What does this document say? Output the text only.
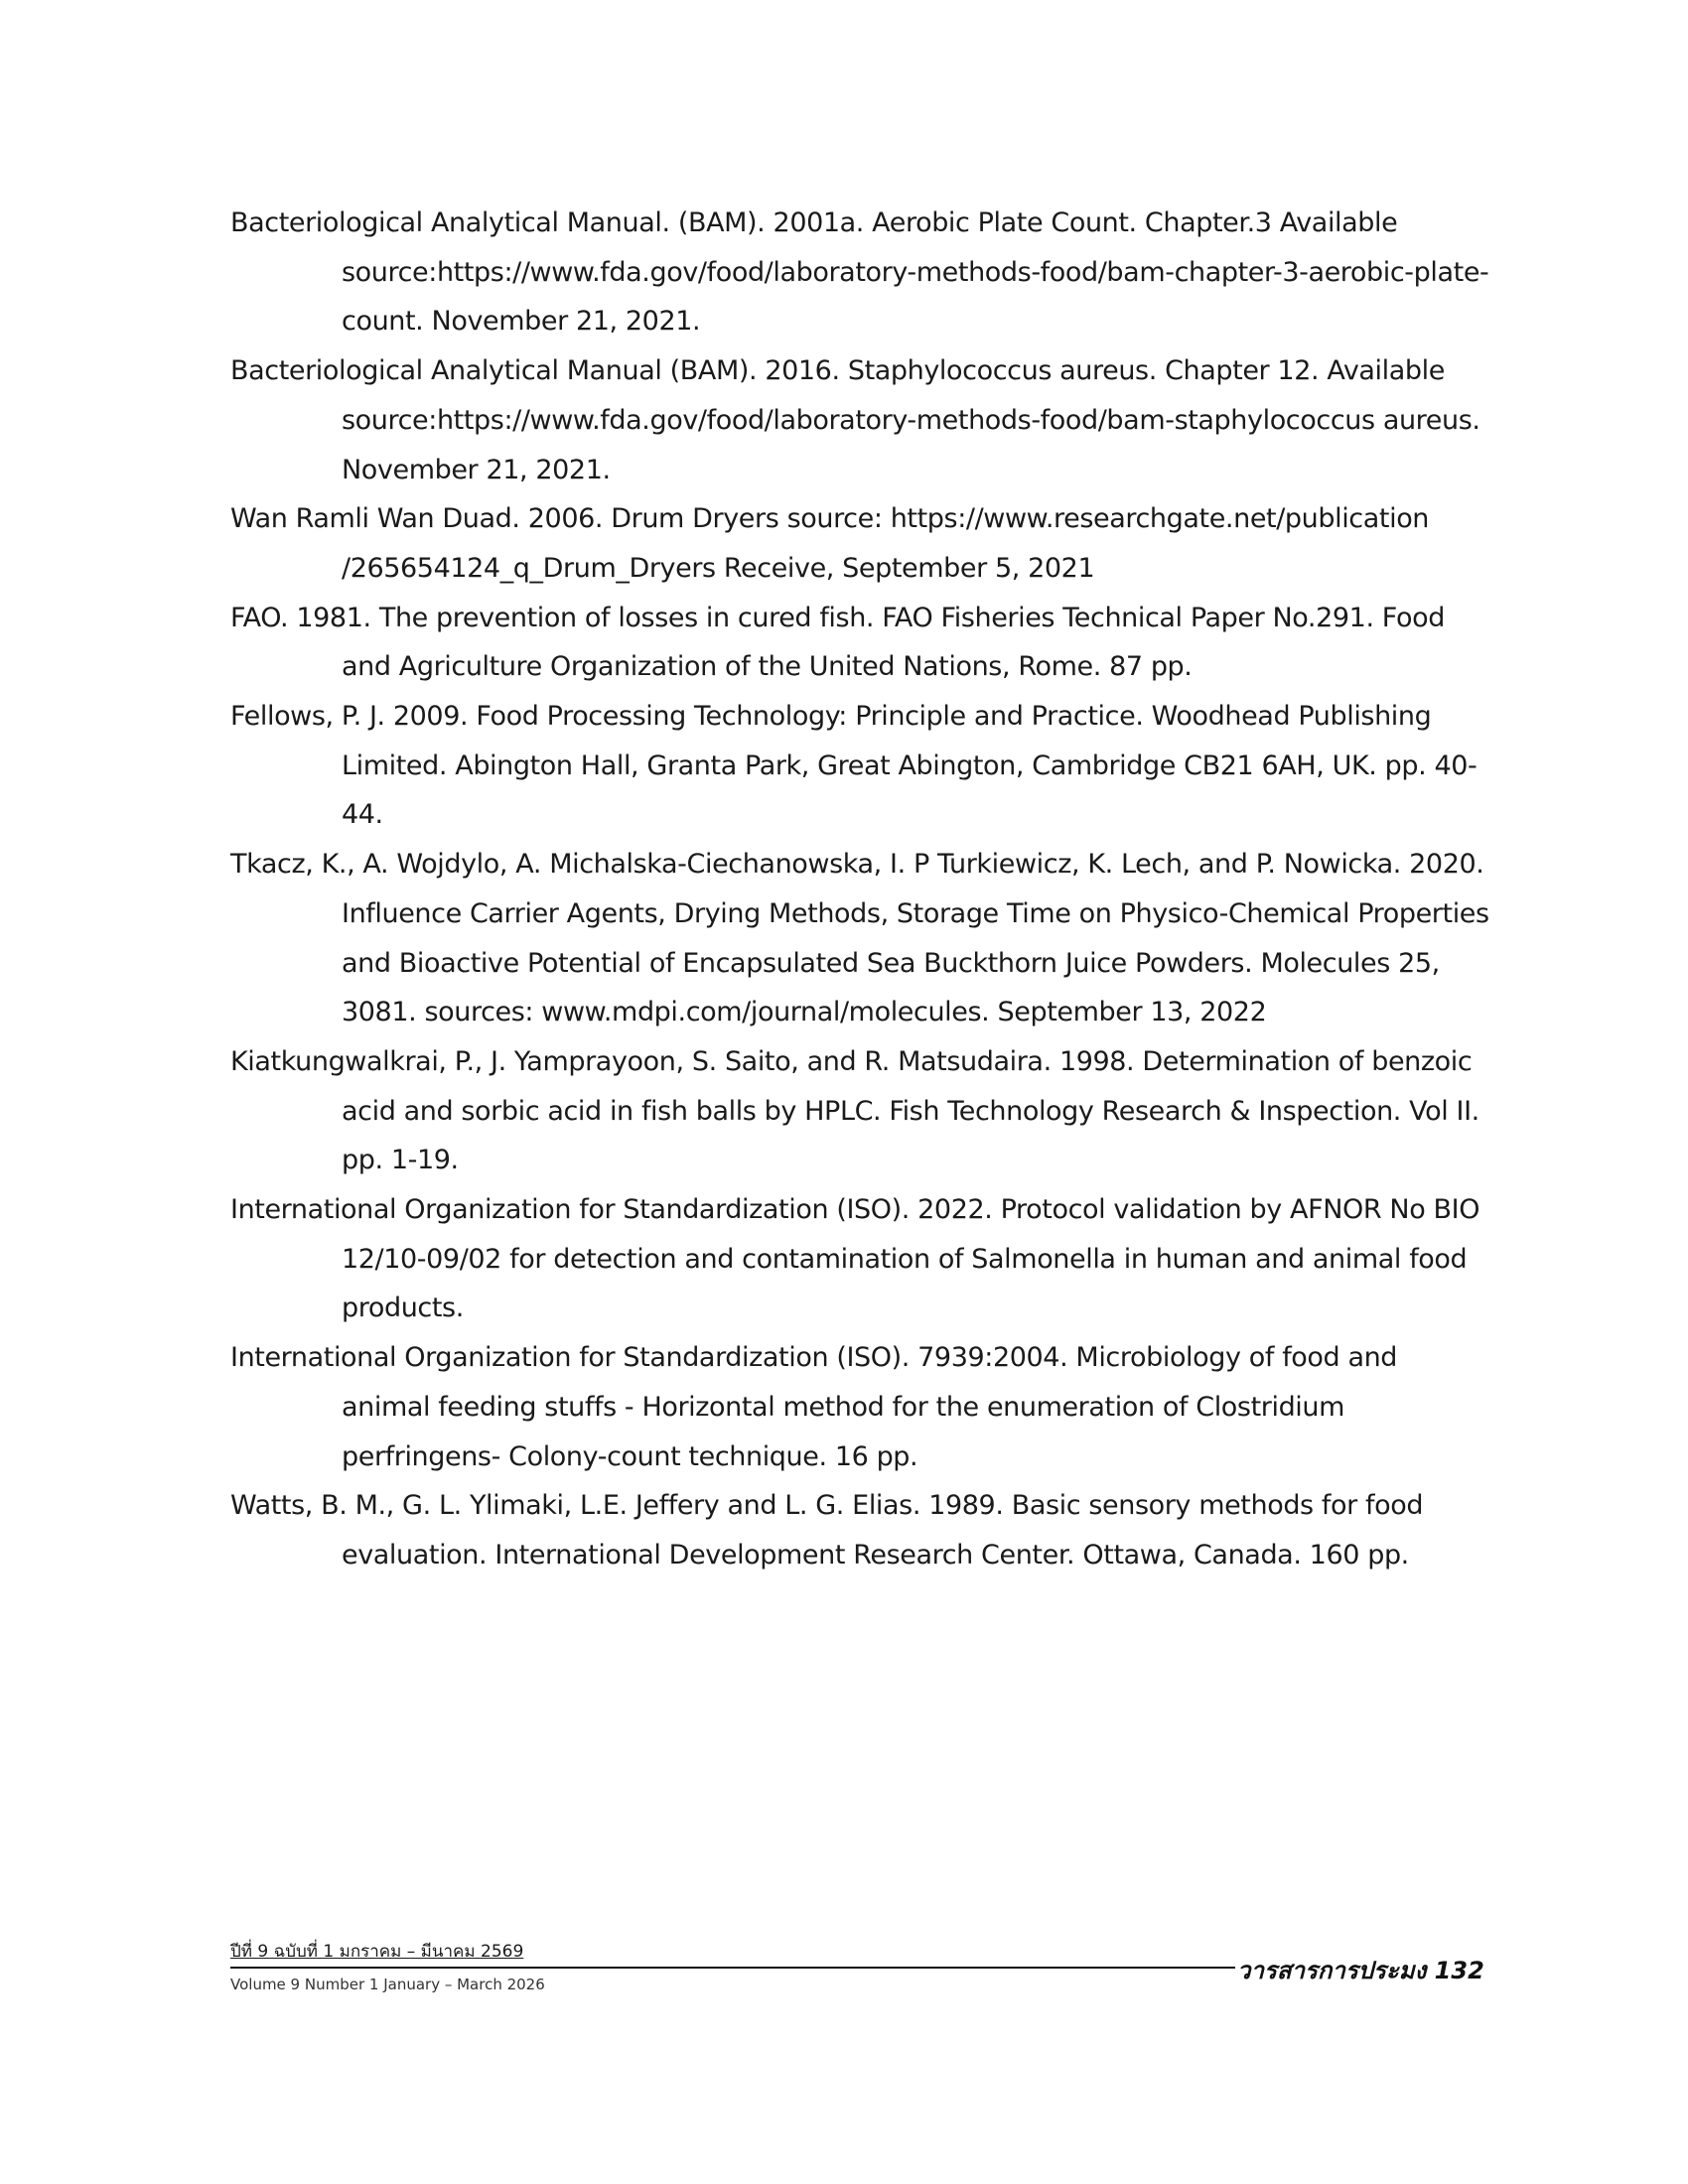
Bacteriological Analytical Manual. (BAM). 2001a. Aerobic Plate Count. Chapter.3 Available source:https://www.fda.gov/food/laboratory-methods-food/bam-chapter-3-aerobic-plate-count. November 21, 2021.

Bacteriological Analytical Manual (BAM). 2016. Staphylococcus aureus. Chapter 12. Available source:https://www.fda.gov/food/laboratory-methods-food/bam-staphylococcus aureus. November 21, 2021.

Wan Ramli Wan Duad. 2006. Drum Dryers source: https://www.researchgate.net/publication /265654124_q_Drum_Dryers Receive, September 5, 2021

FAO. 1981. The prevention of losses in cured fish. FAO Fisheries Technical Paper No.291. Food and Agriculture Organization of the United Nations, Rome. 87 pp.

Fellows, P. J. 2009. Food Processing Technology: Principle and Practice. Woodhead Publishing Limited. Abington Hall, Granta Park, Great Abington, Cambridge CB21 6AH, UK. pp. 40-44.

Tkacz, K., A. Wojdylo, A. Michalska-Ciechanowska, I. P Turkiewicz, K. Lech, and P. Nowicka. 2020. Influence Carrier Agents, Drying Methods, Storage Time on Physico-Chemical Properties and Bioactive Potential of Encapsulated Sea Buckthorn Juice Powders. Molecules 25, 3081. sources: www.mdpi.com/journal/molecules. September 13, 2022

Kiatkungwalkrai, P., J. Yamprayoon, S. Saito, and R. Matsudaira. 1998. Determination of benzoic acid and sorbic acid in fish balls by HPLC. Fish Technology Research & Inspection. Vol II. pp. 1-19.

International Organization for Standardization (ISO). 2022. Protocol validation by AFNOR No BIO 12/10-09/02 for detection and contamination of Salmonella in human and animal food products.

International Organization for Standardization (ISO). 7939:2004. Microbiology of food and animal feeding stuffs - Horizontal method for the enumeration of Clostridium perfringens- Colony-count technique. 16 pp.

Watts, B. M., G. L. Ylimaki, L.E. Jeffery and L. G. Elias. 1989. Basic sensory methods for food evaluation. International Development Research Center. Ottawa, Canada. 160 pp.

ปีที่ 9 ฉบับที่ 1 มกราคม – มีนาคม 2569
วารสารการประมง 132
Volume 9 Number 1 January – March 2026
